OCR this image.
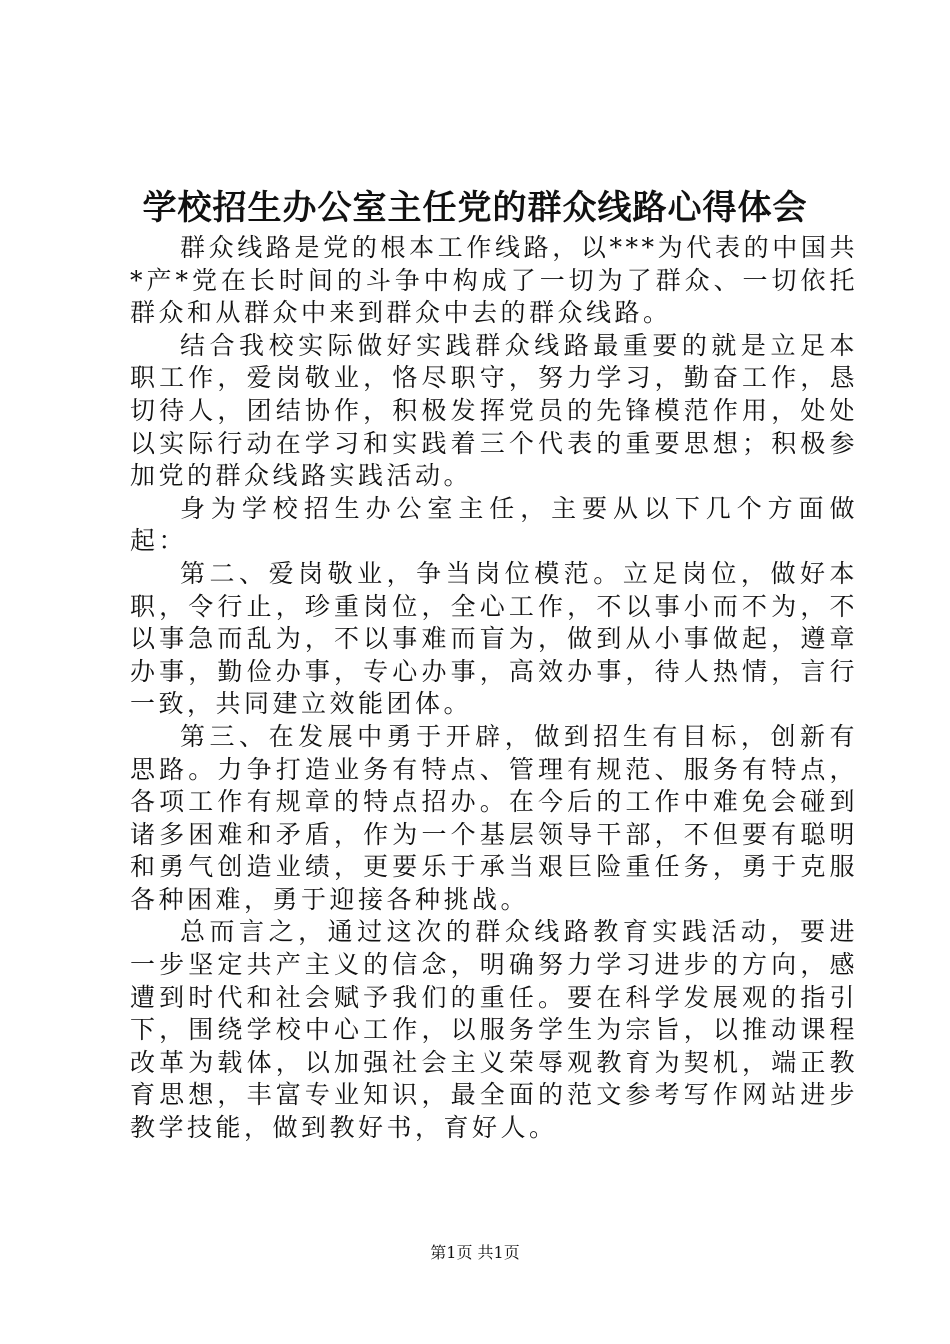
学校招生办公室主任党的群众线路心得体会

群众线路是党的根本工作线路，以***为代表的中国共*产*党在长时间的斗争中构成了一切为了群众、一切依托群众和从群众中来到群众中去的群众线路。

结合我校实际做好实践群众线路最重要的就是立足本职工作，爱岗敬业，恪尽职守，努力学习，勤奋工作，恳切待人，团结协作，积极发挥党员的先锋模范作用，处处以实际行动在学习和实践着三个代表的重要思想；积极参加党的群众线路实践活动。

身为学校招生办公室主任，主要从以下几个方面做起：

第二、爱岗敬业，争当岗位模范。立足岗位，做好本职，令行止，珍重岗位，全心工作，不以事小而不为，不以事急而乱为，不以事难而盲为，做到从小事做起，遵章办事，勤俭办事，专心办事，高效办事，待人热情，言行一致，共同建立效能团体。

第三、在发展中勇于开辟，做到招生有目标，创新有思路。力争打造业务有特点、管理有规范、服务有特点，各项工作有规章的特点招办。在今后的工作中难免会碰到诸多困难和矛盾，作为一个基层领导干部，不但要有聪明和勇气创造业绩，更要乐于承当艰巨险重任务，勇于克服各种困难，勇于迎接各种挑战。

总而言之，通过这次的群众线路教育实践活动，要进一步坚定共产主义的信念，明确努力学习进步的方向，感遭到时代和社会赋予我们的重任。要在科学发展观的指引下，围绕学校中心工作，以服务学生为宗旨，以推动课程改革为载体，以加强社会主义荣辱观教育为契机，端正教育思想，丰富专业知识，最全面的范文参考写作网站进步教学技能，做到教好书，育好人。

第1页 共1页
